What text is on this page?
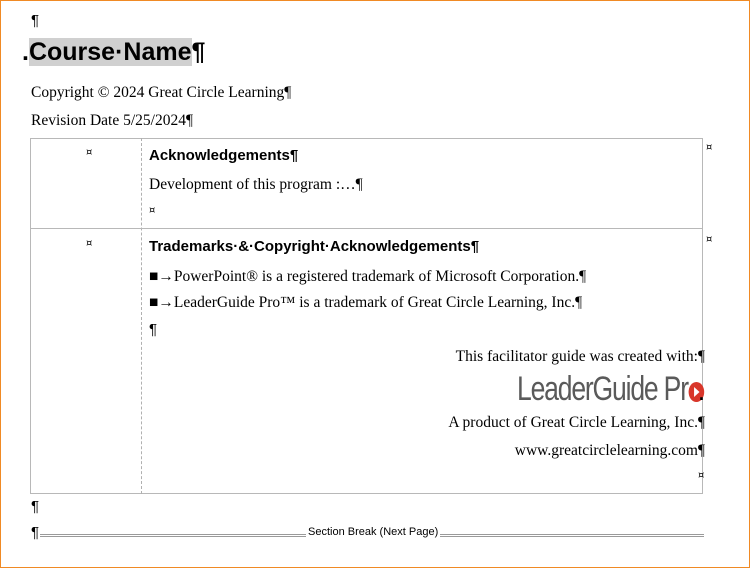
¶
.Course·Name¶
Copyright © 2024 Great Circle Learning¶
Revision Date 5/25/2024¶
¤	Acknowledgements¶
Development of this program :…¶
¤
¤
¤	Trademarks·&·Copyright·Acknowledgements¶
■→PowerPoint® is a registered trademark of Microsoft Corporation.¶
■→LeaderGuide Pro™ is a trademark of Great Circle Learning, Inc.¶
¶
This facilitator guide was created with:¶
LeaderGuide Pr .
A product of Great Circle Learning, Inc.¶
www.greatcirclelearning.com¶
¤
¤
¶
¶	Section Break (Next Page)
